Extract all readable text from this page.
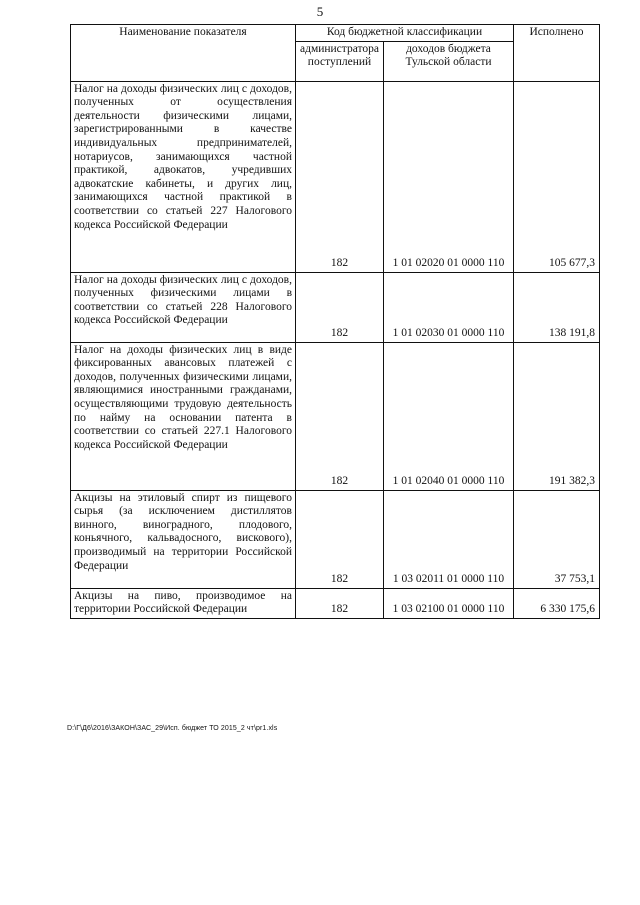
5
Наименование показателя	Код бюджетной классификации		Исполнено
	администратора поступлений	доходов бюджета Тульской области	
Налог на доходы физических лиц с доходов, полученных от осуществления деятельности физическими лицами, зарегистрированными в качестве индивидуальных предпринимателей, нотариусов, занимающихся частной практикой, адвокатов, учредивших адвокатские кабинеты, и других лиц, занимающихся частной практикой в соответствии со статьей 227 Налогового кодекса Российской Федерации	182	1 01 02020 01 0000 110	105 677,3
Налог на доходы физических лиц с доходов, полученных физическими лицами в соответствии со статьей 228 Налогового кодекса Российской Федерации	182	1 01 02030 01 0000 110	138 191,8
Налог на доходы физических лиц в виде фиксированных авансовых платежей с доходов, полученных физическими лицами, являющимися иностранными гражданами, осуществляющими трудовую деятельность по найму на основании патента в соответствии со статьей 227.1 Налогового кодекса Российской Федерации	182	1 01 02040 01 0000 110	191 382,3
Акцизы на этиловый спирт из пищевого сырья (за исключением дистиллятов винного, виноградного, плодового, коньячного, кальвадосного, вискового), производимый на территории Российской Федерации	182	1 03 02011 01 0000 110	37 753,1
Акцизы на пиво, производимое на территории Российской Федерации	182	1 03 02100 01 0000 110	6 330 175,6
D:\Г\Д6\2016\ЗАКОН\ЗАС_29\Исп. бюджет ТО 2015_2 чт\pr1.xls
